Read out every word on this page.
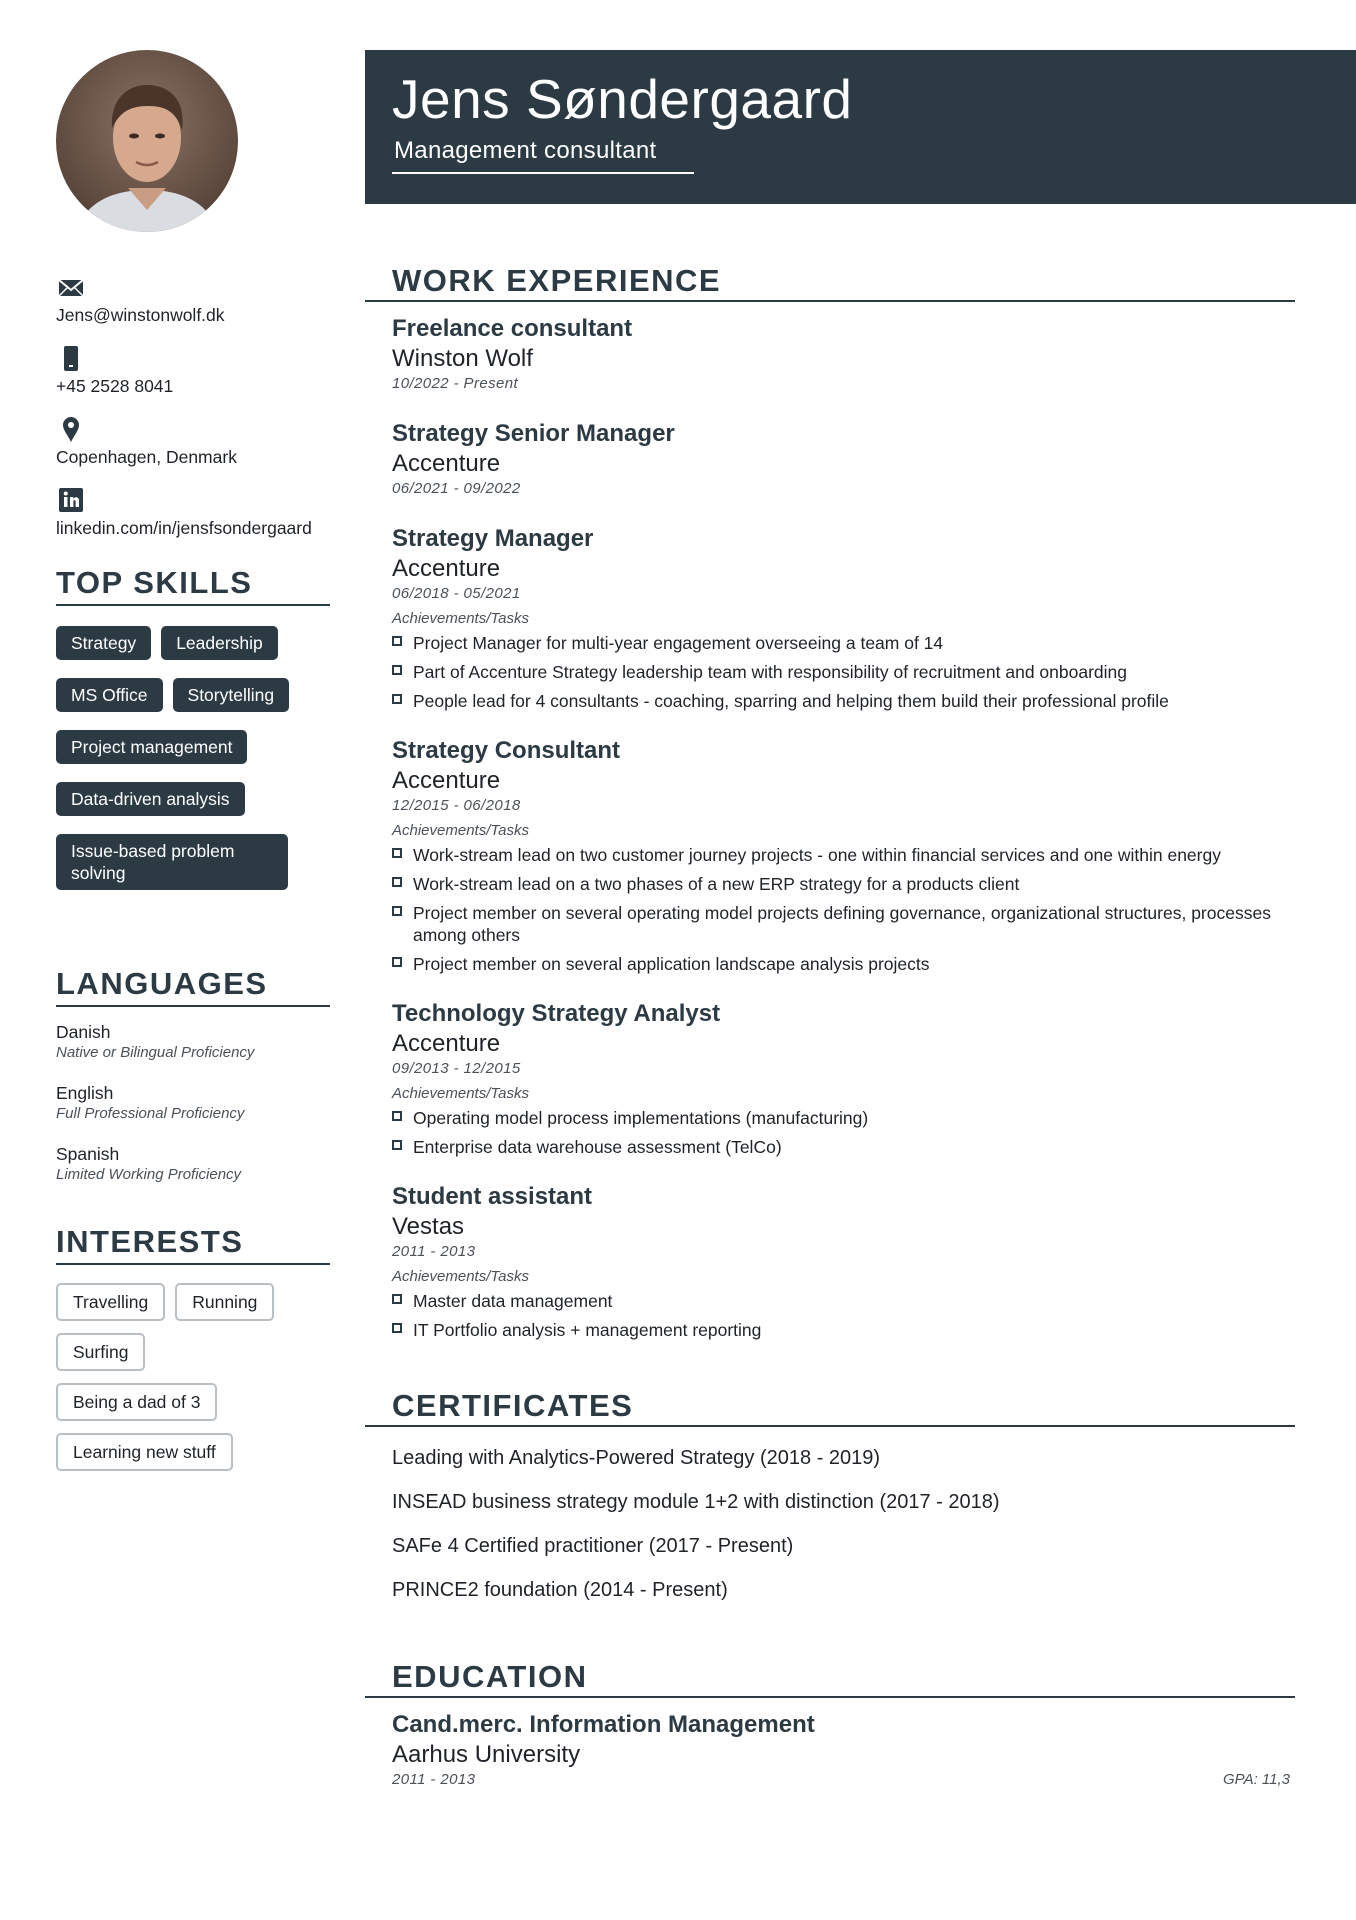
Jens@winstonwolf.dk
+45 2528 8041
Copenhagen, Denmark
linkedin.com/in/jensfsondergaard
TOP SKILLS
Strategy Leadership
MS Office Storytelling
Project management
Data-driven analysis
Issue-based problem solving
LANGUAGES
Danish
Native or Bilingual Proficiency
English
Full Professional Proficiency
Spanish
Limited Working Proficiency
INTERESTS
Travelling	Running
Surfing
Being a dad of 3
Learning new stuff
Jens Søndergaard
Management consultant
WORK EXPERIENCE
Freelance consultant
Winston Wolf
10/2022 - Present
Strategy Senior Manager
Accenture
06/2021 - 09/2022
Strategy Manager
Accenture
06/2018 - 05/2021
Achievements/Tasks
Project Manager for multi-year engagement overseeing a team of 14
Part of Accenture Strategy leadership team with responsibility of recruitment and onboarding
People lead for 4 consultants - coaching, sparring and helping them build their professional profile
Strategy Consultant
Accenture
12/2015 - 06/2018
Achievements/Tasks
Work-stream lead on two customer journey projects - one within financial services and one within energy
Work-stream lead on a two phases of a new ERP strategy for a products client
Project member on several operating model projects defining governance, organizational structures, processes among others
Project member on several application landscape analysis projects
Technology Strategy Analyst
Accenture
09/2013 - 12/2015
Achievements/Tasks
Operating model process implementations (manufacturing)
Enterprise data warehouse assessment (TelCo)
Student assistant
Vestas
2011 - 2013
Achievements/Tasks
Master data management
IT Portfolio analysis + management reporting
CERTIFICATES
Leading with Analytics-Powered Strategy (2018 - 2019)
INSEAD business strategy module 1+2 with distinction (2017 - 2018)
SAFe 4 Certified practitioner (2017 - Present)
PRINCE2 foundation (2014 - Present)
EDUCATION
Cand.merc. Information Management
Aarhus University
2011 - 2013	GPA: 11,3
